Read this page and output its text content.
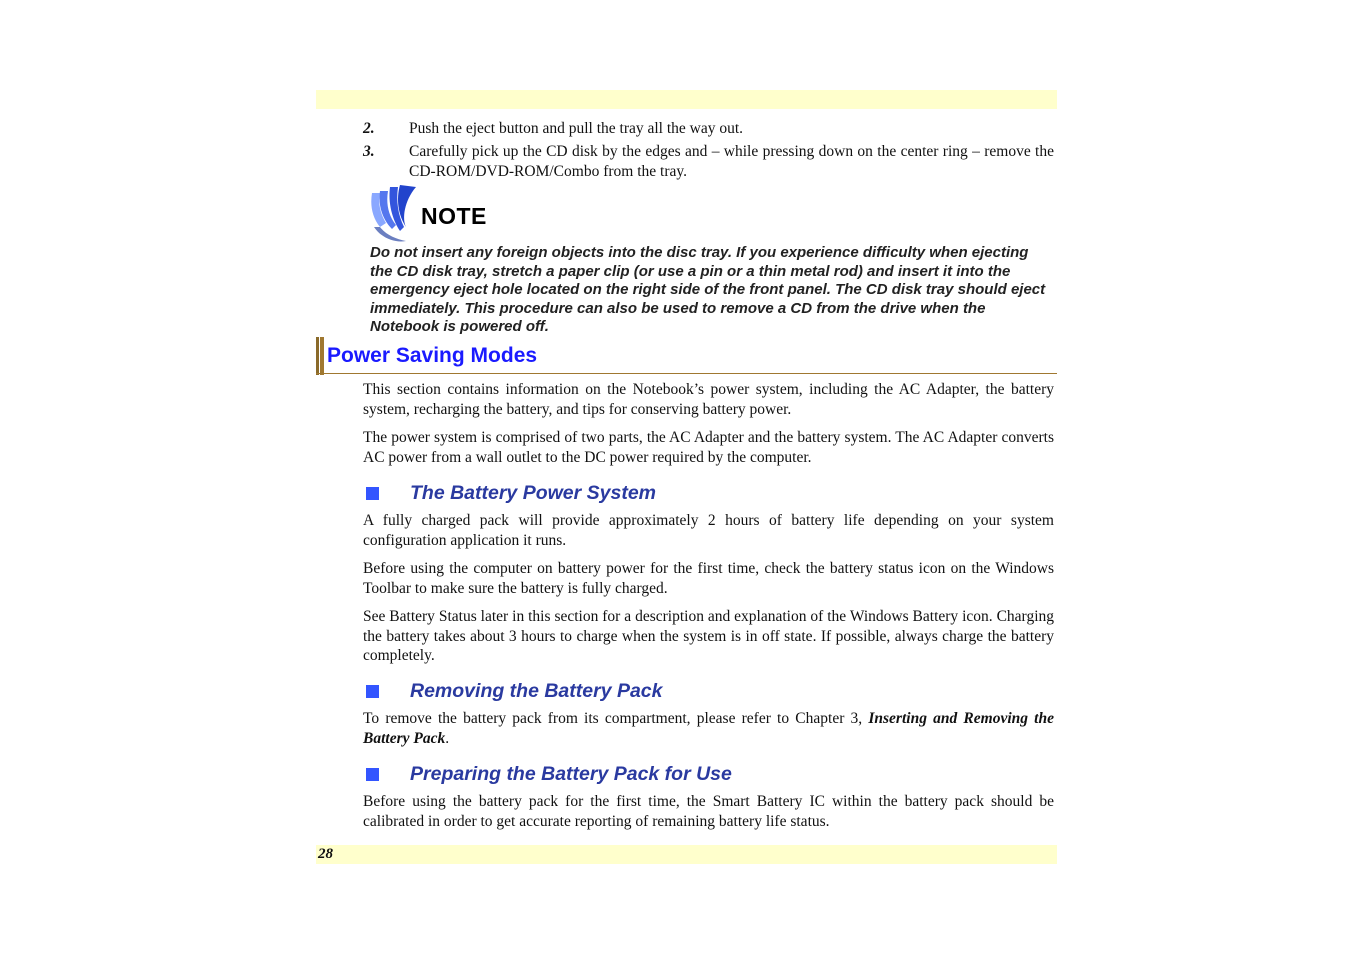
2. Push the eject button and pull the tray all the way out.
3. Carefully pick up the CD disk by the edges and – while pressing down on the center ring – remove the CD-ROM/DVD-ROM/Combo from the tray.
NOTE
Do not insert any foreign objects into the disc tray. If you experience difficulty when ejecting the CD disk tray, stretch a paper clip (or use a pin or a thin metal rod) and insert it into the emergency eject hole located on the right side of the front panel. The CD disk tray should eject immediately. This procedure can also be used to remove a CD from the drive when the Notebook is powered off.
Power Saving Modes
This section contains information on the Notebook’s power system, including the AC Adapter, the battery system, recharging the battery, and tips for conserving battery power.
The power system is comprised of two parts, the AC Adapter and the battery system. The AC Adapter converts AC power from a wall outlet to the DC power required by the computer.
The Battery Power System
A fully charged pack will provide approximately 2 hours of battery life depending on your system configuration application it runs.
Before using the computer on battery power for the first time, check the battery status icon on the Windows Toolbar to make sure the battery is fully charged.
See Battery Status later in this section for a description and explanation of the Windows Battery icon. Charging the battery takes about 3 hours to charge when the system is in off state. If possible, always charge the battery completely.
Removing the Battery Pack
To remove the battery pack from its compartment, please refer to Chapter 3, Inserting and Removing the Battery Pack.
Preparing the Battery Pack for Use
Before using the battery pack for the first time, the Smart Battery IC within the battery pack should be calibrated in order to get accurate reporting of remaining battery life status.
28
